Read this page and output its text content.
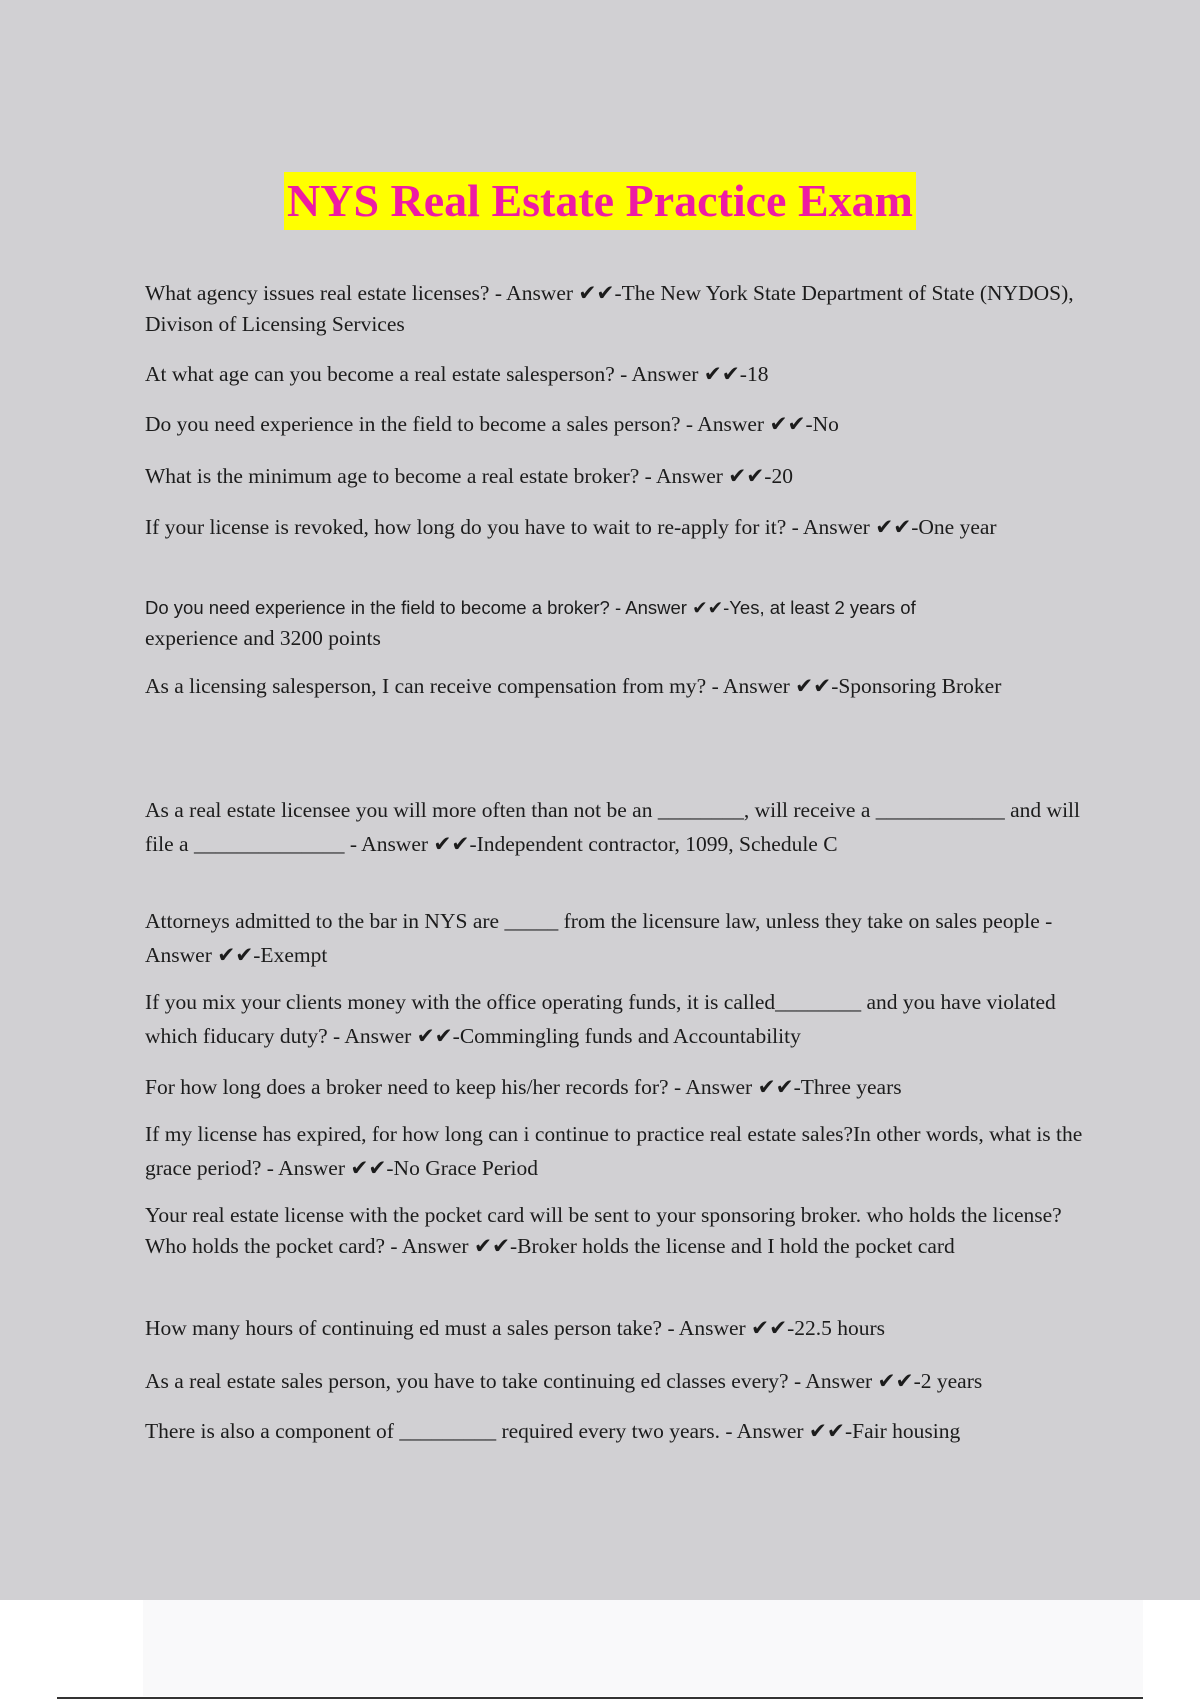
NYS Real Estate Practice Exam

What agency issues real estate licenses? - Answer ✔✔-The New York State Department of State (NYDOS), Divison of Licensing Services

At what age can you become a real estate salesperson? - Answer ✔✔-18

Do you need experience in the field to become a sales person? - Answer ✔✔-No

What is the minimum age to become a real estate broker? - Answer ✔✔-20

If your license is revoked, how long do you have to wait to re-apply for it? - Answer ✔✔-One year

Do you need experience in the field to become a broker? - Answer ✔✔-Yes, at least 2 years of
experience and 3200 points

As a licensing salesperson, I can receive compensation from my? - Answer ✔✔-Sponsoring Broker

As a real estate licensee you will more often than not be an ________, will receive a ____________ and will file a ______________ - Answer ✔✔-Independent contractor, 1099, Schedule C

Attorneys admitted to the bar in NYS are _____ from the licensure law, unless they take on sales people - Answer ✔✔-Exempt

If you mix your clients money with the office operating funds, it is called________ and you have violated which fiducary duty? - Answer ✔✔-Commingling funds and Accountability

For how long does a broker need to keep his/her records for? - Answer ✔✔-Three years

If my license has expired, for how long can i continue to practice real estate sales?In other words, what is the grace period? - Answer ✔✔-No Grace Period

Your real estate license with the pocket card will be sent to your sponsoring broker. who holds the license? Who holds the pocket card? - Answer ✔✔-Broker holds the license and I hold the pocket card

How many hours of continuing ed must a sales person take? - Answer ✔✔-22.5 hours

As a real estate sales person, you have to take continuing ed classes every? - Answer ✔✔-2 years

There is also a component of _________ required every two years. - Answer ✔✔-Fair housing
